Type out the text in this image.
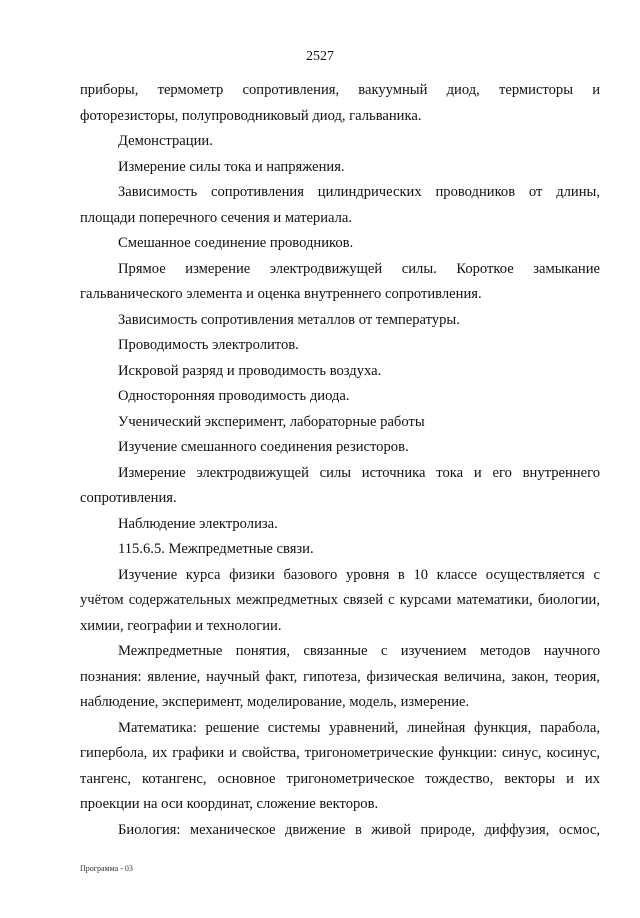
2527

приборы, термометр сопротивления, вакуумный диод, термисторы и фоторезисторы, полупроводниковый диод, гальваника.

Демонстрации.

Измерение силы тока и напряжения.

Зависимость сопротивления цилиндрических проводников от длины, площади поперечного сечения и материала.

Смешанное соединение проводников.

Прямое измерение электродвижущей силы. Короткое замыкание гальванического элемента и оценка внутреннего сопротивления.

Зависимость сопротивления металлов от температуры.

Проводимость электролитов.

Искровой разряд и проводимость воздуха.

Односторонняя проводимость диода.

Ученический эксперимент, лабораторные работы

Изучение смешанного соединения резисторов.

Измерение электродвижущей силы источника тока и его внутреннего сопротивления.

Наблюдение электролиза.

115.6.5. Межпредметные связи.

Изучение курса физики базового уровня в 10 классе осуществляется с учётом содержательных межпредметных связей с курсами математики, биологии, химии, географии и технологии.

Межпредметные понятия, связанные с изучением методов научного познания: явление, научный факт, гипотеза, физическая величина, закон, теория, наблюдение, эксперимент, моделирование, модель, измерение.

Математика: решение системы уравнений, линейная функция, парабола, гипербола, их графики и свойства, тригонометрические функции: синус, косинус, тангенс, котангенс, основное тригонометрическое тождество, векторы и их проекции на оси координат, сложение векторов.

Биология: механическое движение в живой природе, диффузия, осмос,

Программа - 03
